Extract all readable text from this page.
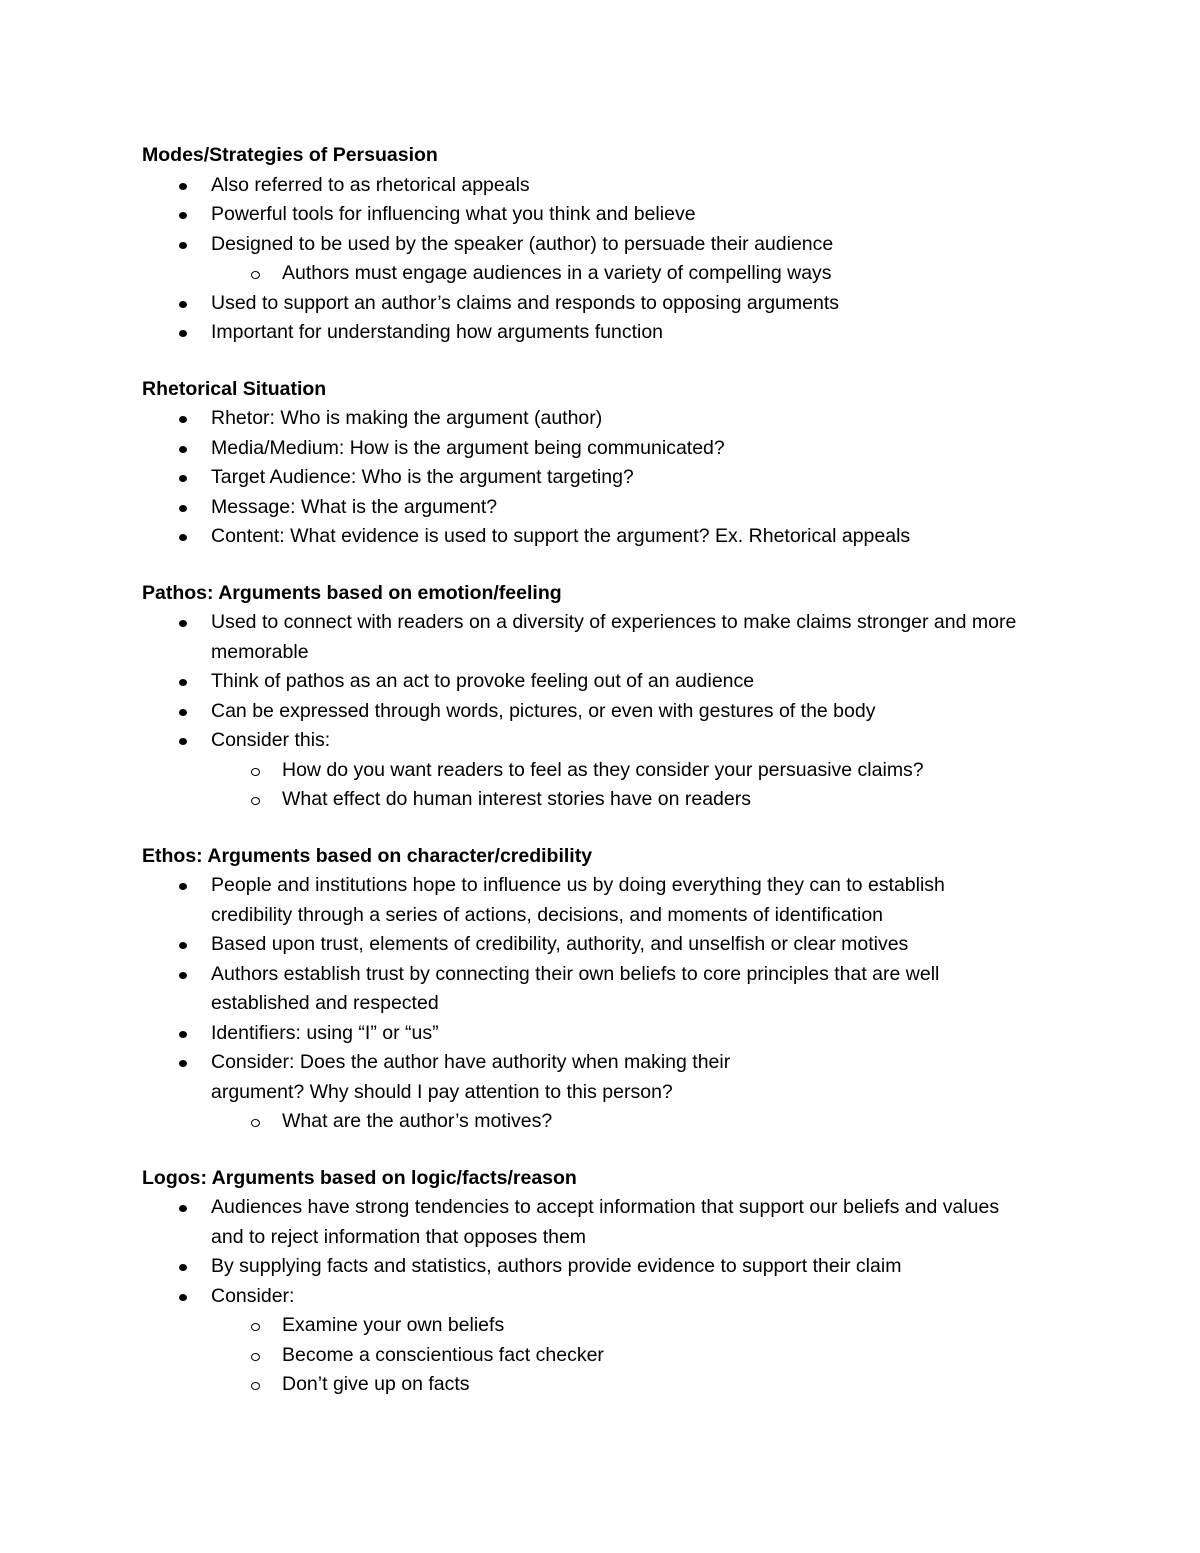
Modes/Strategies of Persuasion
Also referred to as rhetorical appeals
Powerful tools for influencing what you think and believe
Designed to be used by the speaker (author) to persuade their audience
Authors must engage audiences in a variety of compelling ways
Used to support an author’s claims and responds to opposing arguments
Important for understanding how arguments function
Rhetorical Situation
Rhetor: Who is making the argument (author)
Media/Medium: How is the argument being communicated?
Target Audience: Who is the argument targeting?
Message: What is the argument?
Content: What evidence is used to support the argument? Ex. Rhetorical appeals
Pathos: Arguments based on emotion/feeling
Used to connect with readers on a diversity of experiences to make claims stronger and more memorable
Think of pathos as an act to provoke feeling out of an audience
Can be expressed through words, pictures, or even with gestures of the body
Consider this:
How do you want readers to feel as they consider your persuasive claims?
What effect do human interest stories have on readers
Ethos: Arguments based on character/credibility
People and institutions hope to influence us by doing everything they can to establish credibility through a series of actions, decisions, and moments of identification
Based upon trust, elements of credibility, authority, and unselfish or clear motives
Authors establish trust by connecting their own beliefs to core principles that are well established and respected
Identifiers: using “I” or “us”
Consider: Does the author have authority when making their argument? Why should I pay attention to this person?
What are the author’s motives?
Logos: Arguments based on logic/facts/reason
Audiences have strong tendencies to accept information that support our beliefs and values and to reject information that opposes them
By supplying facts and statistics, authors provide evidence to support their claim
Consider:
Examine your own beliefs
Become a conscientious fact checker
Don’t give up on facts
